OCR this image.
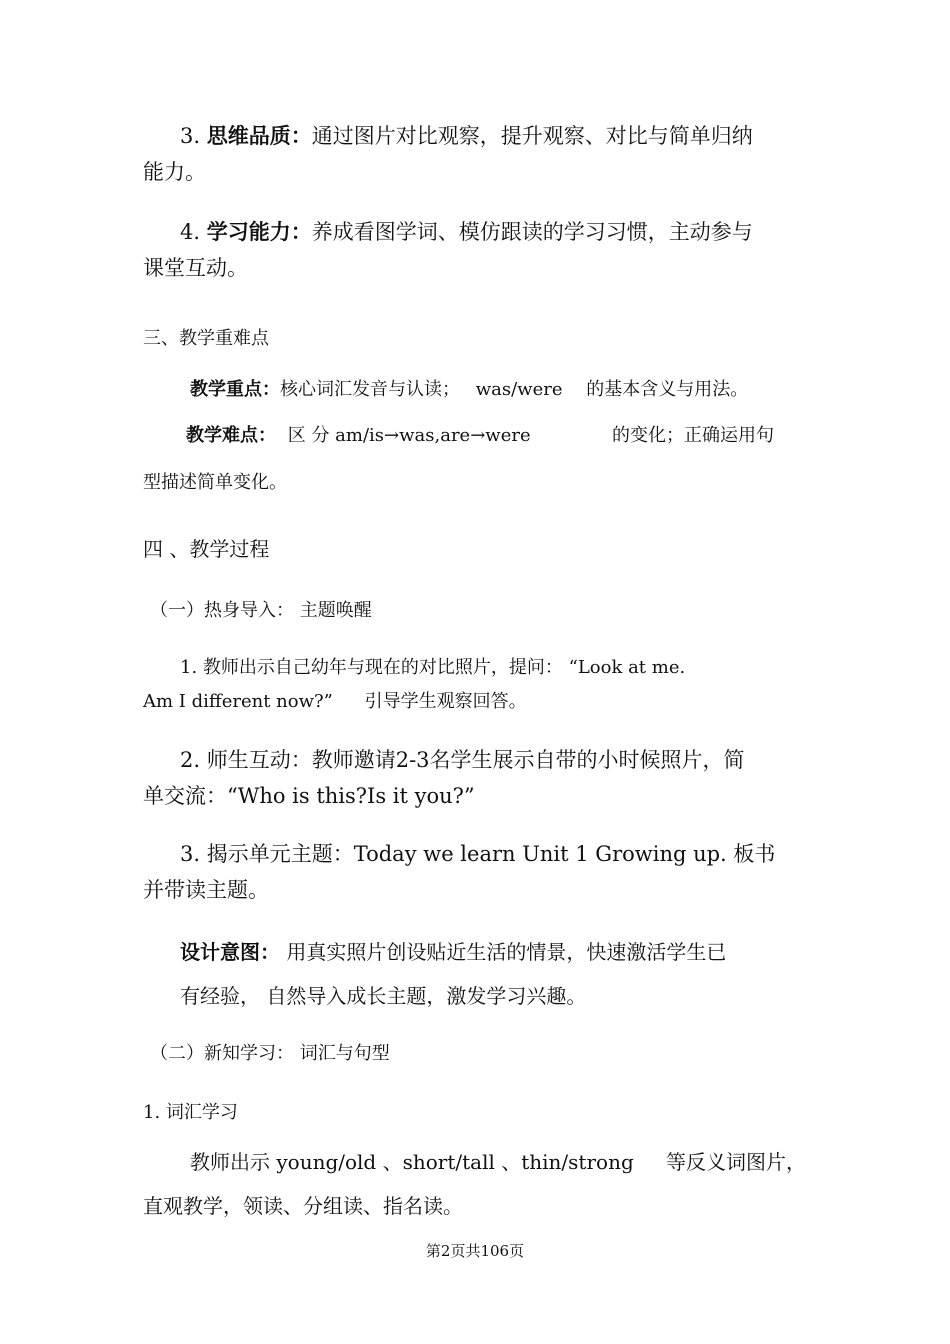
3. 思维品质：通过图片对比观察，提升观察、对比与简单归纳
能力。
4. 学习能力：养成看图学词、模仿跟读的学习习惯，主动参与
课堂互动。
三、教学重难点
教学重点：核心词汇发音与认读； was/were 的基本含义与用法。
教学难点： 区 分 am/is→was,are→were	的变化；正确运用句
型描述简单变化。
四 、教学过程
（一）热身导入： 主题唤醒
1. 教师出示自己幼年与现在的对比照片，提问： “Look at me.
Am I different now?” 引导学生观察回答。
2. 师生互动：教师邀请2-3名学生展示自带的小时候照片，简
单交流：“Who is this?Is it you?”
3. 揭示单元主题：Today we learn Unit 1 Growing up. 板书
并带读主题。
设计意图： 用真实照片创设贴近生活的情景，快速激活学生已
有经验， 自然导入成长主题，激发学习兴趣。
（二）新知学习： 词汇与句型
1. 词汇学习
教师出示 young/old 、short/tall 、thin/strong 等反义词图片，
直观教学，领读、分组读、指名读。
第2页共106页
